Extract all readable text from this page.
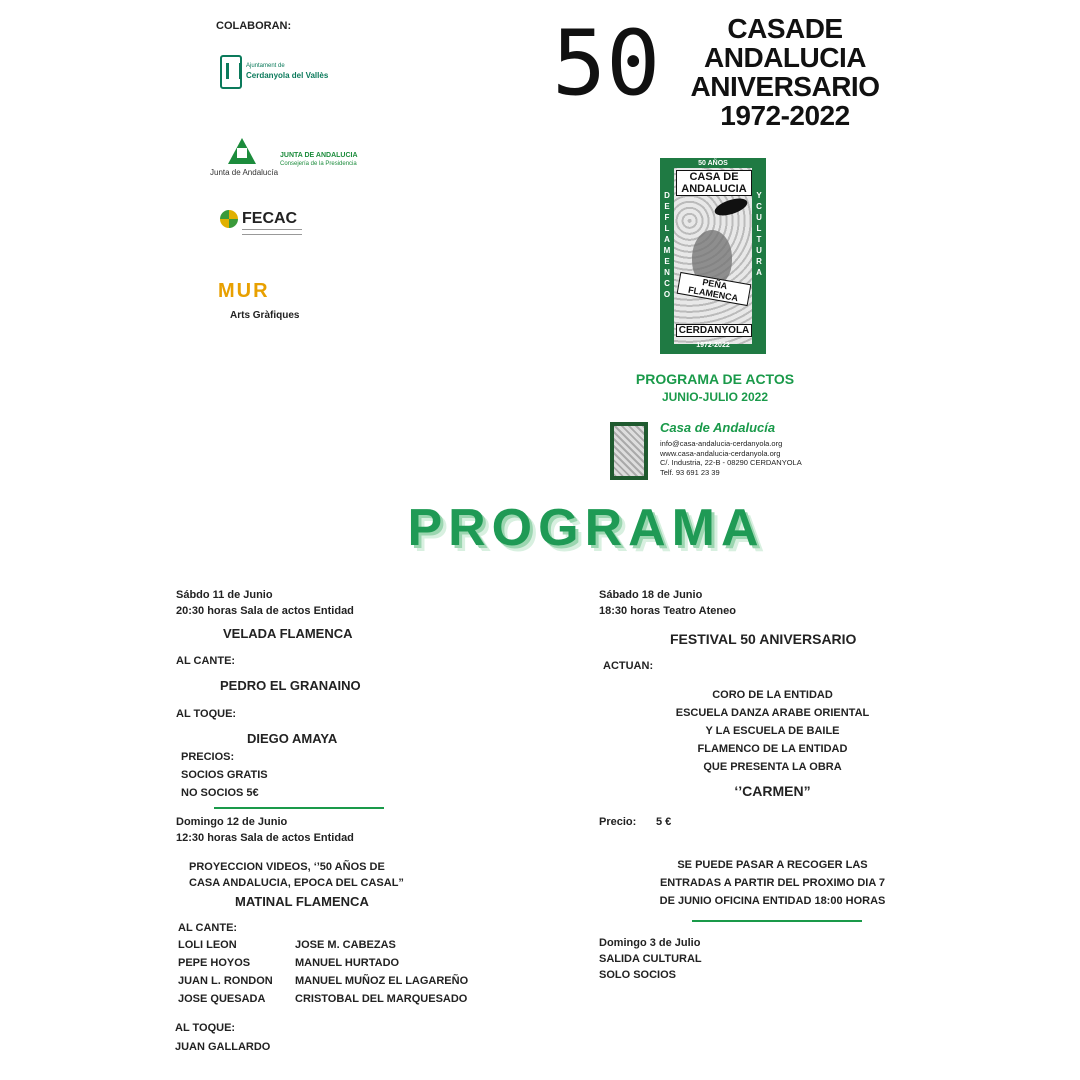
COLABORAN:
Ajuntament de
Cerdanyola del Vallès
Junta de Andalucía
JUNTA DE ANDALUCIA
Consejería de la Presidencia
FECAC
MUR
Arts Gràfiques
50	CASADE
ANDALUCIA
ANIVERSARIO
1972-2022
50 AÑOS
CASA DE
ANDALUCIA
D
E
F
L
A
M
E
N
C
O
Y
C
U
L
T
U
R
A
PEÑA FLAMENCA
CERDANYOLA
1972-2022
PROGRAMA DE ACTOS
JUNIO-JULIO 2022
Casa de Andalucía
info@casa-andalucia-cerdanyola.org
www.casa-andalucia-cerdanyola.org
C/. Industria, 22-B - 08290 CERDANYOLA
Telf. 93 691 23 39
PROGRAMA
Sábdo 11 de Junio
20:30 horas Sala de actos Entidad
VELADA FLAMENCA
AL CANTE:
PEDRO EL GRANAINO
AL TOQUE:
DIEGO AMAYA
PRECIOS:
SOCIOS GRATIS
NO SOCIOS 5€
Domingo 12 de Junio
12:30 horas Sala de actos Entidad
PROYECCION VIDEOS, ‘’50 AÑOS DE
CASA ANDALUCIA, EPOCA DEL CASAL”
MATINAL FLAMENCA
AL CANTE:
LOLI LEON
PEPE HOYOS
JUAN L. RONDON
JOSE QUESADA
JOSE M. CABEZAS
MANUEL HURTADO
MANUEL MUÑOZ EL LAGAREÑO
CRISTOBAL DEL MARQUESADO
AL TOQUE:
JUAN GALLARDO
Sábado 18 de Junio
18:30 horas Teatro Ateneo
FESTIVAL 50 ANIVERSARIO
ACTUAN:
CORO DE LA ENTIDAD
ESCUELA DANZA ARABE ORIENTAL
Y LA ESCUELA DE BAILE
FLAMENCO DE LA ENTIDAD
QUE PRESENTA LA OBRA
‘’CARMEN”
Precio: 5 €
SE PUEDE PASAR A RECOGER LAS
ENTRADAS A PARTIR DEL PROXIMO DIA 7
DE JUNIO OFICINA ENTIDAD 18:00 HORAS
Domingo 3 de Julio
SALIDA CULTURAL
SOLO SOCIOS
